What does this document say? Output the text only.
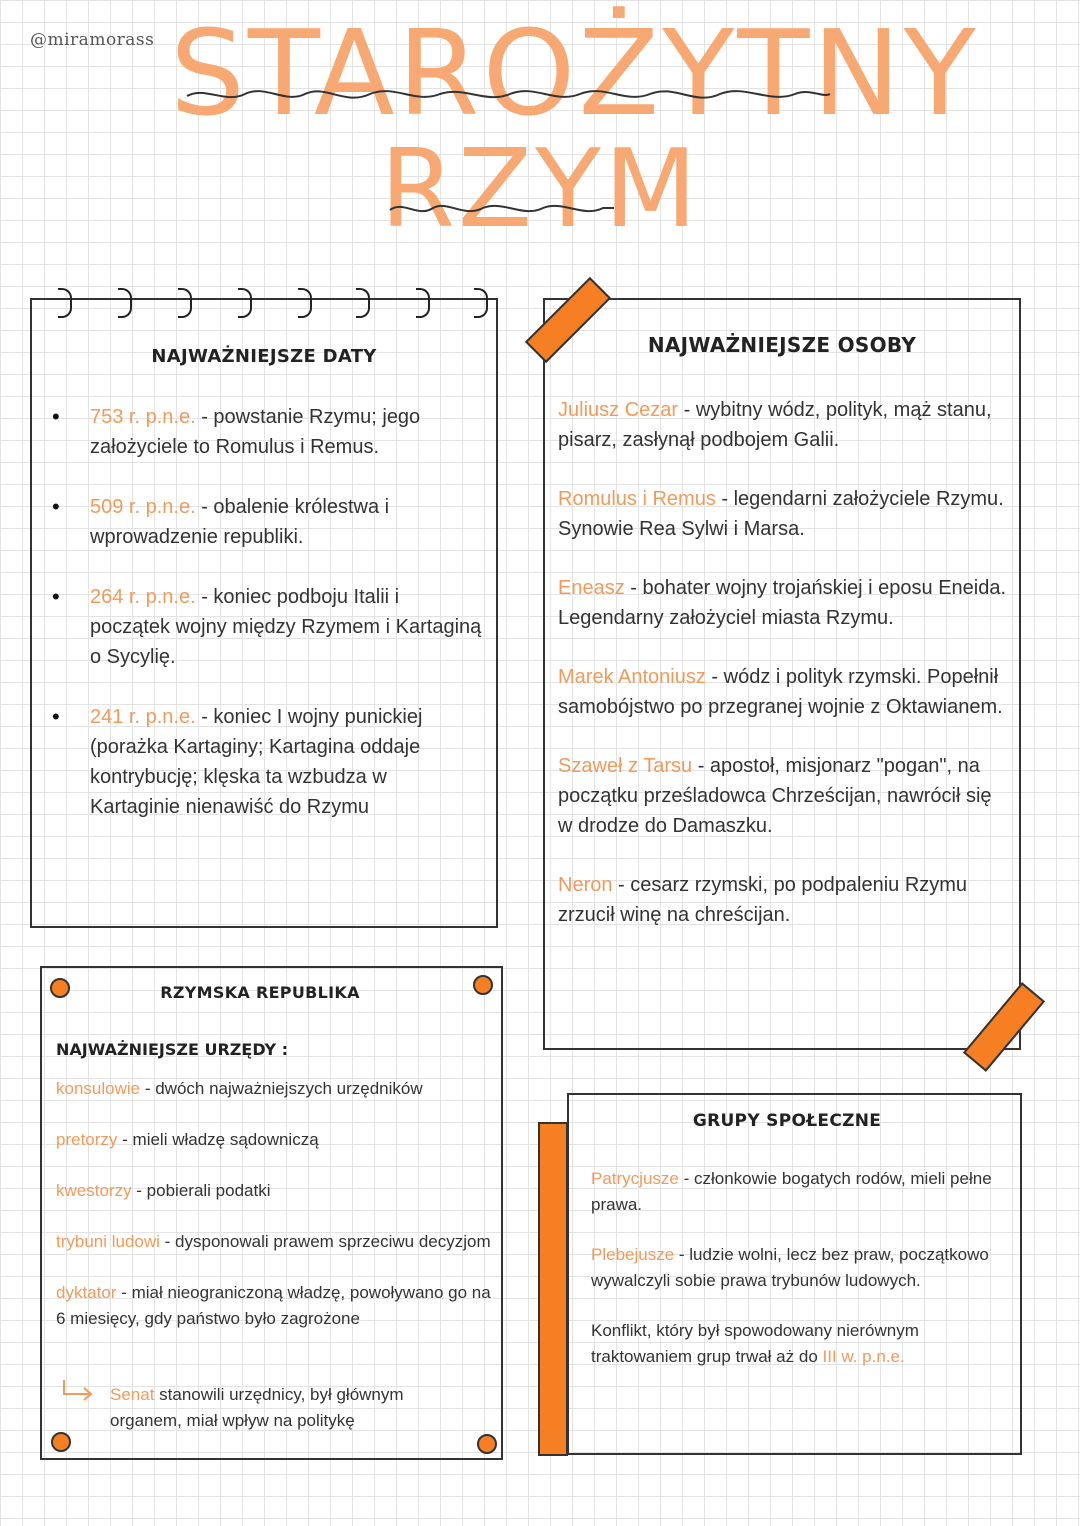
@miramorass STAROŻYTNY
RZYM
NAJWAŻNIEJSZE DATY
• 753 r. p.n.e. - powstanie Rzymu; jego założyciele to Romulus i Remus.
• 509 r. p.n.e. - obalenie królestwa i wprowadzenie republiki.
• 264 r. p.n.e. - koniec podboju Italii i początek wojny między Rzymem i Kartaginą o Sycylię.
• 241 r. p.n.e. - koniec I wojny punickiej (porażka Kartaginy; Kartagina oddaje kontrybucję; klęska ta wzbudza w Kartaginie nienawiść do Rzymu
NAJWAŻNIEJSZE OSOBY

Juliusz Cezar - wybitny wódz, polityk, mąż stanu, pisarz, zasłynął podbojem Galii.

Romulus i Remus - legendarni założyciele Rzymu. Synowie Rea Sylwi i Marsa.

Eneasz - bohater wojny trojańskiej i eposu Eneida. Legendarny założyciel miasta Rzymu.

Marek Antoniusz - wódz i polityk rzymski. Popełnił samobójstwo po przegranej wojnie z Oktawianem.

Szaweł z Tarsu - apostoł, misjonarz "pogan", na początku prześladowca Chrześcijan, nawrócił się w drodze do Damaszku.

Neron - cesarz rzymski, po podpaleniu Rzymu zrzucił winę na chreścijan.

RZYMSKA REPUBLIKA
NAJWAŻNIEJSZE URZĘDY :

konsulowie - dwóch najważniejszych urzędników

pretorzy - mieli władzę sądowniczą

kwestorzy - pobierali podatki

trybuni ludowi - dysponowali prawem sprzeciwu decyzjom

dyktator - miał nieograniczoną władzę, powoływano go na 6 miesięcy, gdy państwo było zagrożone

Senat stanowili urzędnicy, był głównym organem, miał wpływ na politykę
GRUPY SPOŁECZNE

Patrycjusze - członkowie bogatych rodów, mieli pełne prawa.

Plebejusze - ludzie wolni, lecz bez praw, początkowo wywalczyli sobie prawa trybunów ludowych.

Konflikt, który był spowodowany nierównym traktowaniem grup trwał aż do III w. p.n.e.
